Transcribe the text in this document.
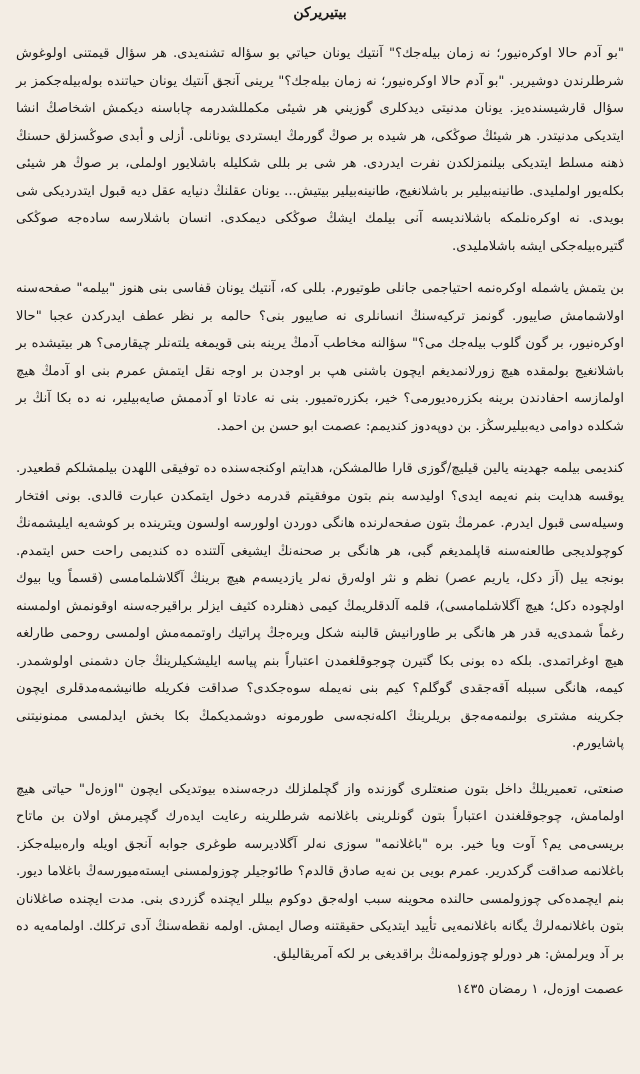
بيتيريركن

"بو آدم حالا اوكره‌نيور؛ نه زمان بيله‌جك؟" آنتيك يونان حياتي بو سؤاله تشنه‌يدى. هر سؤال قيمتنى اولوغوش شرطلرندن دوشيرير. "بو آدم حالا اوكره‌نيور؛ نه زمان بيله‌جك؟" يرينى آنجق آنتيك يونان حياتنده بوله‌بيله‌جكمز بر سؤال قارشيسنده‌يز. يونان مدنيتى ديدكلرى گوزيني هر شيئى مكمللشدرمه چاباسنه ديكمش اشخاصڭ انشا ايتديكى مدنيتدر. هر شيئڭ صوڭكى، هر شيده بر صوڭ گورمڭ ايستردى يونانلى. أزلى و أبدى صوڭسزلق حسنڭ ذهنه مسلط ايتديكى بيلنمزلكدن نفرت ايدردى. هر شى بر بللى شكليله باشلايور اولملى، بر صوڭ هر شيئى بكله‌يور اولمليدى. طانينه‌بيلير بر باشلانغيج، طانينه‌بيلير بيتيش... يونان عقلنڭ دنيايه عقل ديه قبول ايتدردیكى شى بويدى. نه اوكره‌نلمكه باشلانديسه آنى بيلمك ايشڭ صوڭكى ديمكدى. انسان باشلارسه ساده‌جه صوڭكى گتيره‌بيله‌جكى ايشه باشلامليدى.

بن يتمش ياشمله اوكره‌نمه احتياجمى جانلى طوتيورم. بللى كه، آنتيك يونان قفاسى بنى هنوز "بيلمه" صفحه‌سنه اولاشمامش صاييور. گونمز تركيه‌سنڭ انسانلرى نه صاييور بنى؟ حالمه بر نظر عطف ايدركدن عجبا "حالا اوكره‌نيور، بر گون گلوب بيله‌جك مى؟" سؤالنه مخاطب آدمڭ يرينه بنى قويمغه يلته‌نلر چيقارمى؟ هر بيتيشده بر باشلانغيج بولمقده هيچ زورلانمديغم ايچون باشنى هپ بر اوجدن بر اوجه نقل ايتمش عمرم بنى او آدمڭ هيچ اولمازسه احفادندن برينه بكزره‌ديورمى؟ خير، بكزره‌تميور. بنى نه عادتا او آدممش صايه‌بيلير، نه ده بكا آنڭ بر شكلده دوامى ديه‌بيليرسڭز. بن دوپه‌دوز كنديمم: عصمت ابو حسن بن احمد.

كنديمى بيلمه جهدينه يالين قيليچ/گوزى قارا طالمشكن، هدايتم اوكنجه‌سنده ده توفيقى اللهدن بيلمشلكم قطعيدر. يوقسه هدايت بنم نه‌يمه ايدى؟ اوليدسه بنم بتون موفقيتم قدرمه دخول ايتمكدن عبارت قالدى. بونى افتخار وسيله‌سى قبول ايدرم. عمرمڭ بتون صفحه‌لرنده هانگى دوردن اولورسه اولسون ويترينده بر كوشه‌يه ايليشمه‌نڭ كوچولديجى طالعنه‌سنه قاپلمديغم گبى، هر هانگى بر صحنه‌نڭ ايشيغى آلتنده ده كنديمى راحت حس ايتمدم. بونجه ييل (آز دكل، ياريم عصر) نظم و نثر اولەرق نەلر يازديسەم هيچ برينڭ آگلاشلمامسى (قسماً ويا بيوك اولچوده دكل؛ هيچ آگلاشلمامسى)، قلمه آلدقلريمڭ كيمى ذهنلرده كثيف ايزلر براقيرجه‌سنه اوقونمش اولمسنه رغماً شمدى‌يه قدر هر هانگى بر طاورانيش قالبنه شكل ويرەجڭ پراتيك راوتممەمش اولمسى روحمى طارلغه هيچ اوغراتمدى. بلكه ده بونى بكا گتيرن چوجوقلغمدن اعتباراً بنم پياسه ايليشكيلرينڭ جان دشمنى اولوشمدر. كيمه، هانگى سببله آقەجقدى گوگلم؟ كيم بنى نه‌يمله سوه‌جكدى؟ صداقت فكريله طانيشمەمدقلرى ايچون جكرينه مشترى بولنمەمەجق بريلرينڭ اكلەنجه‌سى طورمونه دوشمديكمڭ بكا بخش ايدلمسى ممنونيتنى پاشايورم.

صنعتى، تعميريلڭ داخل بتون صنعتلرى گوزنده واز گچلملزلك درجه‌سنده بيوتديكى ايچون "اوزەل" حياتى هيچ اولمامش، چوجوقلغندن اعتباراً بتون گونلرينى باغلانمه شرطلرينه رعايت ايدەرك گچيرمش اولان بن ماتاح بريسى‌مى يم؟ آوت ويا خير. بره "باغلانمه" سوزى نەلر آگلاديرسه طوغرى جوابه آنجق اويله واره‌بيله‌جكز. باغلانمه صداقت گركدرير. عمرم بويى بن نه‌يه صادق قالدم؟ طائوجيلر چوزولمسنى ايستەميورسەڭ باغلاما ديور. بنم ايچمده‌كى چوزولمسى حالنده محوينه سبب اوله‌جق دوكوم بيللر ايچنده گزردى بنى. مدت ايچنده صاغلانان بتون باغلانمه‌لرڭ يگانه باغلانمه‌يى تأييد ايتديكى حقيقتنه وصال ايمش. اولمه نقطه‌سنڭ آدى تركلك. اولمامه‌يه ده بر آد ويرلمش: هر دورلو چوزولمه‌نڭ براقديغى بر لكه آمريقاليلق.

عصمت اوزەل، ١ رمضان ١٤٣٥
